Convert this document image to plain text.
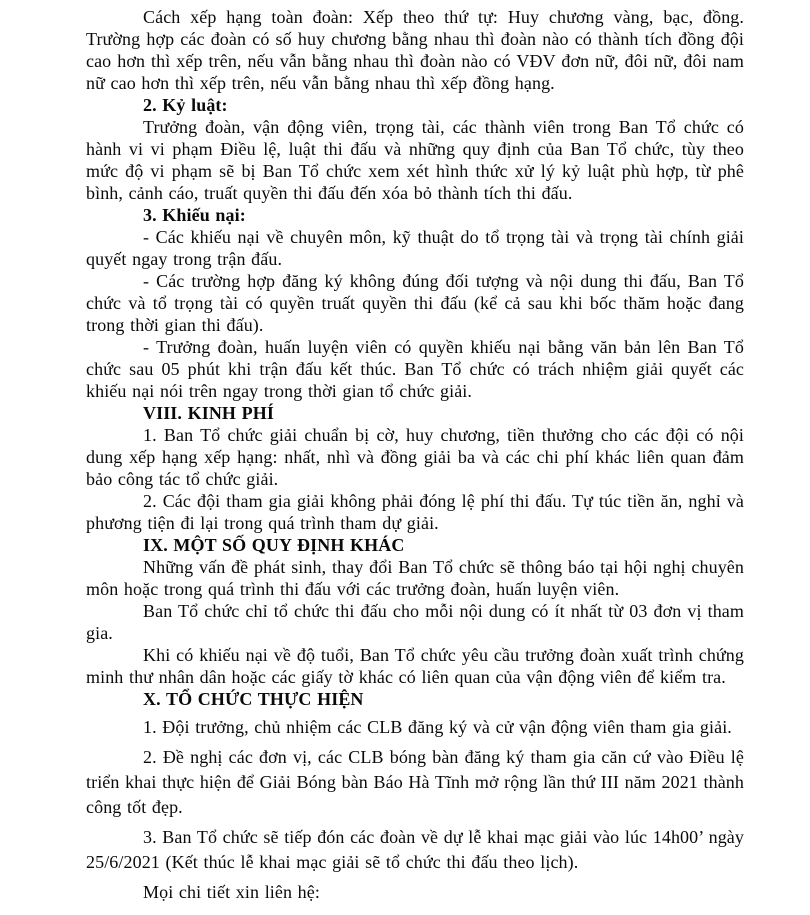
Cách xếp hạng toàn đoàn: Xếp theo thứ tự: Huy chương vàng, bạc, đồng. Trường hợp các đoàn có số huy chương bằng nhau thì đoàn nào có thành tích đồng đội cao hơn thì xếp trên, nếu vẫn bằng nhau thì đoàn nào có VĐV đơn nữ, đôi nữ, đôi nam nữ cao hơn thì xếp trên, nếu vẫn bằng nhau thì xếp đồng hạng.

2. Kỷ luật:

Trưởng đoàn, vận động viên, trọng tài, các thành viên trong Ban Tổ chức có hành vi vi phạm Điều lệ, luật thi đấu và những quy định của Ban Tổ chức, tùy theo mức độ vi phạm sẽ bị Ban Tổ chức xem xét hình thức xử lý kỷ luật phù hợp, từ phê bình, cảnh cáo, truất quyền thi đấu đến xóa bỏ thành tích thi đấu.

3. Khiếu nại:

- Các khiếu nại về chuyên môn, kỹ thuật do tổ trọng tài và trọng tài chính giải quyết ngay trong trận đấu.

- Các trường hợp đăng ký không đúng đối tượng và nội dung thi đấu, Ban Tổ chức và tổ trọng tài có quyền truất quyền thi đấu (kể cả sau khi bốc thăm hoặc đang trong thời gian thi đấu).

- Trưởng đoàn, huấn luyện viên có quyền khiếu nại bằng văn bản lên Ban Tổ chức sau 05 phút khi trận đấu kết thúc. Ban Tổ chức có trách nhiệm giải quyết các khiếu nại nói trên ngay trong thời gian tổ chức giải.

VIII. KINH PHÍ

1. Ban Tổ chức giải chuẩn bị cờ, huy chương, tiền thưởng cho các đội có nội dung xếp hạng xếp hạng: nhất, nhì và đồng giải ba và các chi phí khác liên quan đảm bảo công tác tổ chức giải.

2. Các đội tham gia giải không phải đóng lệ phí thi đấu. Tự túc tiền ăn, nghỉ và phương tiện đi lại trong quá trình tham dự giải.

IX. MỘT SỐ QUY ĐỊNH KHÁC

Những vấn đề phát sinh, thay đổi Ban Tổ chức sẽ thông báo tại hội nghị chuyên môn hoặc trong quá trình thi đấu với các trưởng đoàn, huấn luyện viên.

Ban Tổ chức chỉ tổ chức thi đấu cho mỗi nội dung có ít nhất từ 03 đơn vị tham gia.

Khi có khiếu nại về độ tuổi, Ban Tổ chức yêu cầu trưởng đoàn xuất trình chứng minh thư nhân dân hoặc các giấy tờ khác có liên quan của vận động viên để kiểm tra.

X. TỔ CHỨC THỰC HIỆN

1. Đội trưởng, chủ nhiệm các CLB đăng ký và cử vận động viên tham gia giải.

2. Đề nghị các đơn vị, các CLB bóng bàn đăng ký tham gia căn cứ vào Điều lệ triển khai thực hiện để Giải Bóng bàn Báo Hà Tĩnh mở rộng lần thứ III năm 2021 thành công tốt đẹp.

3. Ban Tổ chức sẽ tiếp đón các đoàn về dự lễ khai mạc giải vào lúc 14h00’ ngày 25/6/2021 (Kết thúc lễ khai mạc giải sẽ tổ chức thi đấu theo lịch).

Mọi chi tiết xin liên hệ:
